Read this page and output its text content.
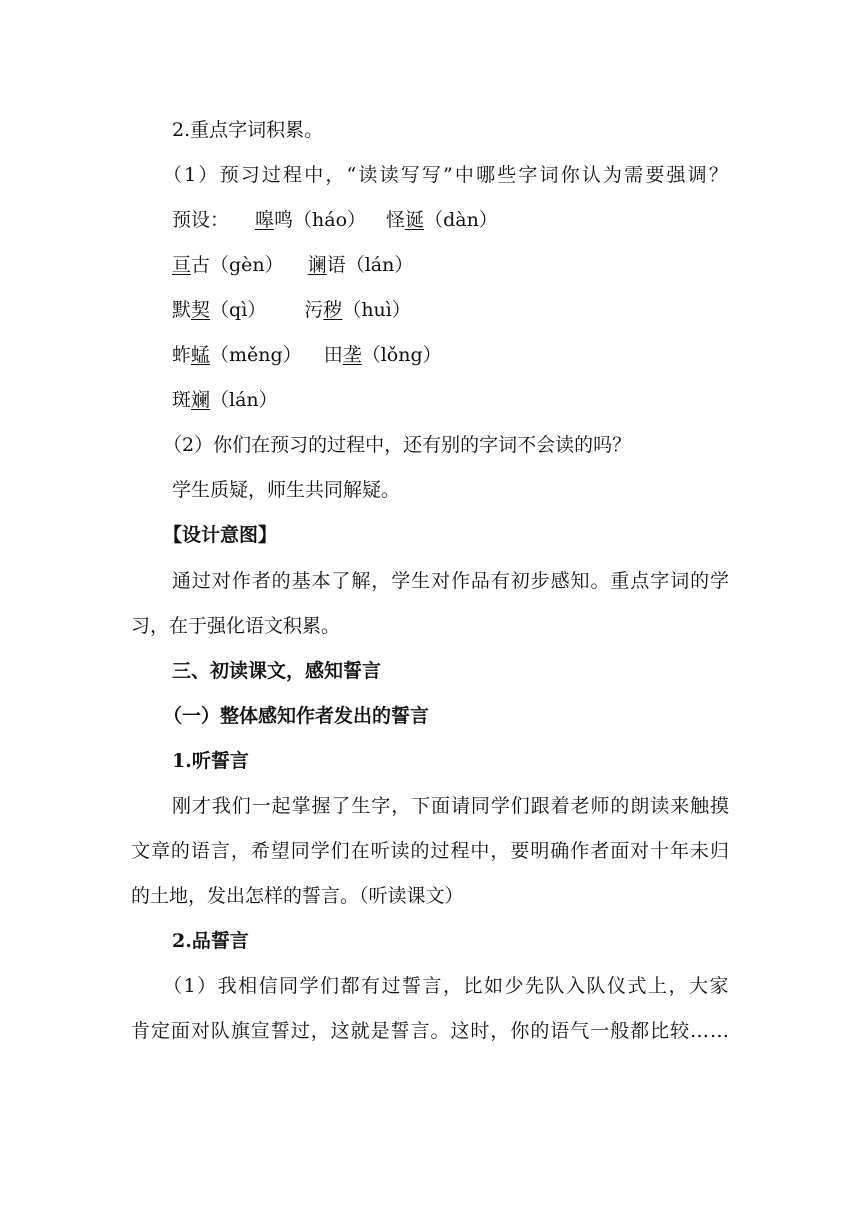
2.重点字词积累。
（1）预习过程中，“读读写写”中哪些字词你认为需要强调？
预设： 嗥鸣（háo） 怪诞（dàn）
亘古（gèn） 谰语（lán）
默契（qì） 污秽（huì）
蚱蜢（měng） 田垄（lǒng）
斑斓（lán）
（2）你们在预习的过程中，还有别的字词不会读的吗？
学生质疑，师生共同解疑。
【设计意图】
通过对作者的基本了解，学生对作品有初步感知。重点字词的学
习，在于强化语文积累。
三、初读课文，感知誓言
（一）整体感知作者发出的誓言
1.听誓言
刚才我们一起掌握了生字，下面请同学们跟着老师的朗读来触摸
文章的语言，希望同学们在听读的过程中，要明确作者面对十年未归
的土地，发出怎样的誓言。（听读课文）
2.品誓言
（1）我相信同学们都有过誓言，比如少先队入队仪式上，大家
肯定面对队旗宣誓过，这就是誓言。这时，你的语气一般都比较……
